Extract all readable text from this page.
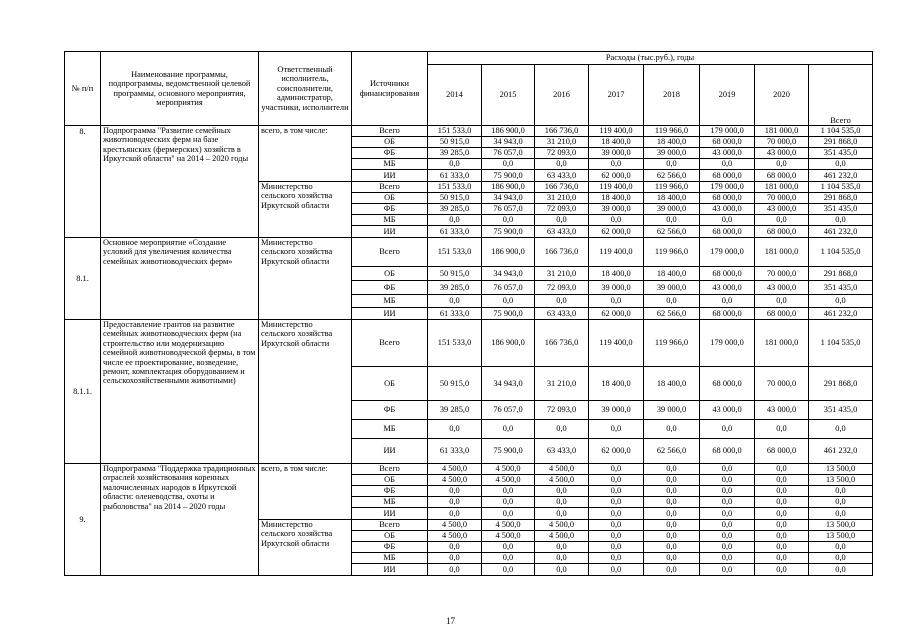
№ п/п	Наименование программы, подпрограммы, ведомственной целевой программы, основного мероприятия, мероприятия	Ответственный исполнитель, соисполнители, администратор, участники, исполнители	Источники финансирования	Расходы (тыс.руб.), годы							
				2014	2015	2016	2017	2018	2019	2020	Всего
8.	Подпрограмма "Развитие семейных животноводческих ферм на базе крестьянских (фермерских) хозяйств в Иркутской области" на 2014 – 2020 годы	всего, в том числе:	Всего	151 533,0	186 900,0	166 736,0	119 400,0	119 966,0	179 000,0	181 000,0	1 104 535,0
			ОБ	50 915,0	34 943,0	31 210,0	18 400,0	18 400,0	68 000,0	70 000,0	291 868,0
			ФБ	39 285,0	76 057,0	72 093,0	39 000,0	39 000,0	43 000,0	43 000,0	351 435,0
			МБ	0,0	0,0	0,0	0,0	0,0	0,0	0,0	0,0
			ИИ	61 333,0	75 900,0	63 433,0	62 000,0	62 566,0	68 000,0	68 000,0	461 232,0
		Министерство сельского хозяйства Иркутской области	Всего	151 533,0	186 900,0	166 736,0	119 400,0	119 966,0	179 000,0	181 000,0	1 104 535,0
			ОБ	50 915,0	34 943,0	31 210,0	18 400,0	18 400,0	68 000,0	70 000,0	291 868,0
			ФБ	39 285,0	76 057,0	72 093,0	39 000,0	39 000,0	43 000,0	43 000,0	351 435,0
			МБ	0,0	0,0	0,0	0,0	0,0	0,0	0,0	0,0
			ИИ	61 333,0	75 900,0	63 433,0	62 000,0	62 566,0	68 000,0	68 000,0	461 232,0
8.1.	Основное мероприятие «Создание условий для увеличения количества семейных животноводческих ферм»	Министерство сельского хозяйства Иркутской области	Всего	151 533,0	186 900,0	166 736,0	119 400,0	119 966,0	179 000,0	181 000,0	1 104 535,0
			ОБ	50 915,0	34 943,0	31 210,0	18 400,0	18 400,0	68 000,0	70 000,0	291 868,0
			ФБ	39 285,0	76 057,0	72 093,0	39 000,0	39 000,0	43 000,0	43 000,0	351 435,0
			МБ	0,0	0,0	0,0	0,0	0,0	0,0	0,0	0,0
			ИИ	61 333,0	75 900,0	63 433,0	62 000,0	62 566,0	68 000,0	68 000,0	461 232,0
8.1.1.	Предоставление грантов на развитие семейных животноводческих ферм (на строительство или модернизацию семейной животноводческой фермы, в том числе ее проектирование, возведение, ремонт, комплектация оборудованием и сельскохозяйственными животными)	Министерство сельского хозяйства Иркутской области	Всего	151 533,0	186 900,0	166 736,0	119 400,0	119 966,0	179 000,0	181 000,0	1 104 535,0
			ОБ	50 915,0	34 943,0	31 210,0	18 400,0	18 400,0	68 000,0	70 000,0	291 868,0
			ФБ	39 285,0	76 057,0	72 093,0	39 000,0	39 000,0	43 000,0	43 000,0	351 435,0
			МБ	0,0	0,0	0,0	0,0	0,0	0,0	0,0	0,0
			ИИ	61 333,0	75 900,0	63 433,0	62 000,0	62 566,0	68 000,0	68 000,0	461 232,0
9.	Подпрограмма "Поддержка традиционных отраслей хозяйствования коренных малочисленных народов в Иркутской области: оленеводства, охоты и рыболовства" на 2014 – 2020 годы	всего, в том числе:	Всего	4 500,0	4 500,0	4 500,0	0,0	0,0	0,0	0,0	13 500,0
			ОБ	4 500,0	4 500,0	4 500,0	0,0	0,0	0,0	0,0	13 500,0
			ФБ	0,0	0,0	0,0	0,0	0,0	0,0	0,0	0,0
			МБ	0,0	0,0	0,0	0,0	0,0	0,0	0,0	0,0
			ИИ	0,0	0,0	0,0	0,0	0,0	0,0	0,0	0,0
		Министерство сельского хозяйства Иркутской области	Всего	4 500,0	4 500,0	4 500,0	0,0	0,0	0,0	0,0	13 500,0
			ОБ	4 500,0	4 500,0	4 500,0	0,0	0,0	0,0	0,0	13 500,0
			ФБ	0,0	0,0	0,0	0,0	0,0	0,0	0,0	0,0
			МБ	0,0	0,0	0,0	0,0	0,0	0,0	0,0	0,0
			ИИ	0,0	0,0	0,0	0,0	0,0	0,0	0,0	0,0
17
